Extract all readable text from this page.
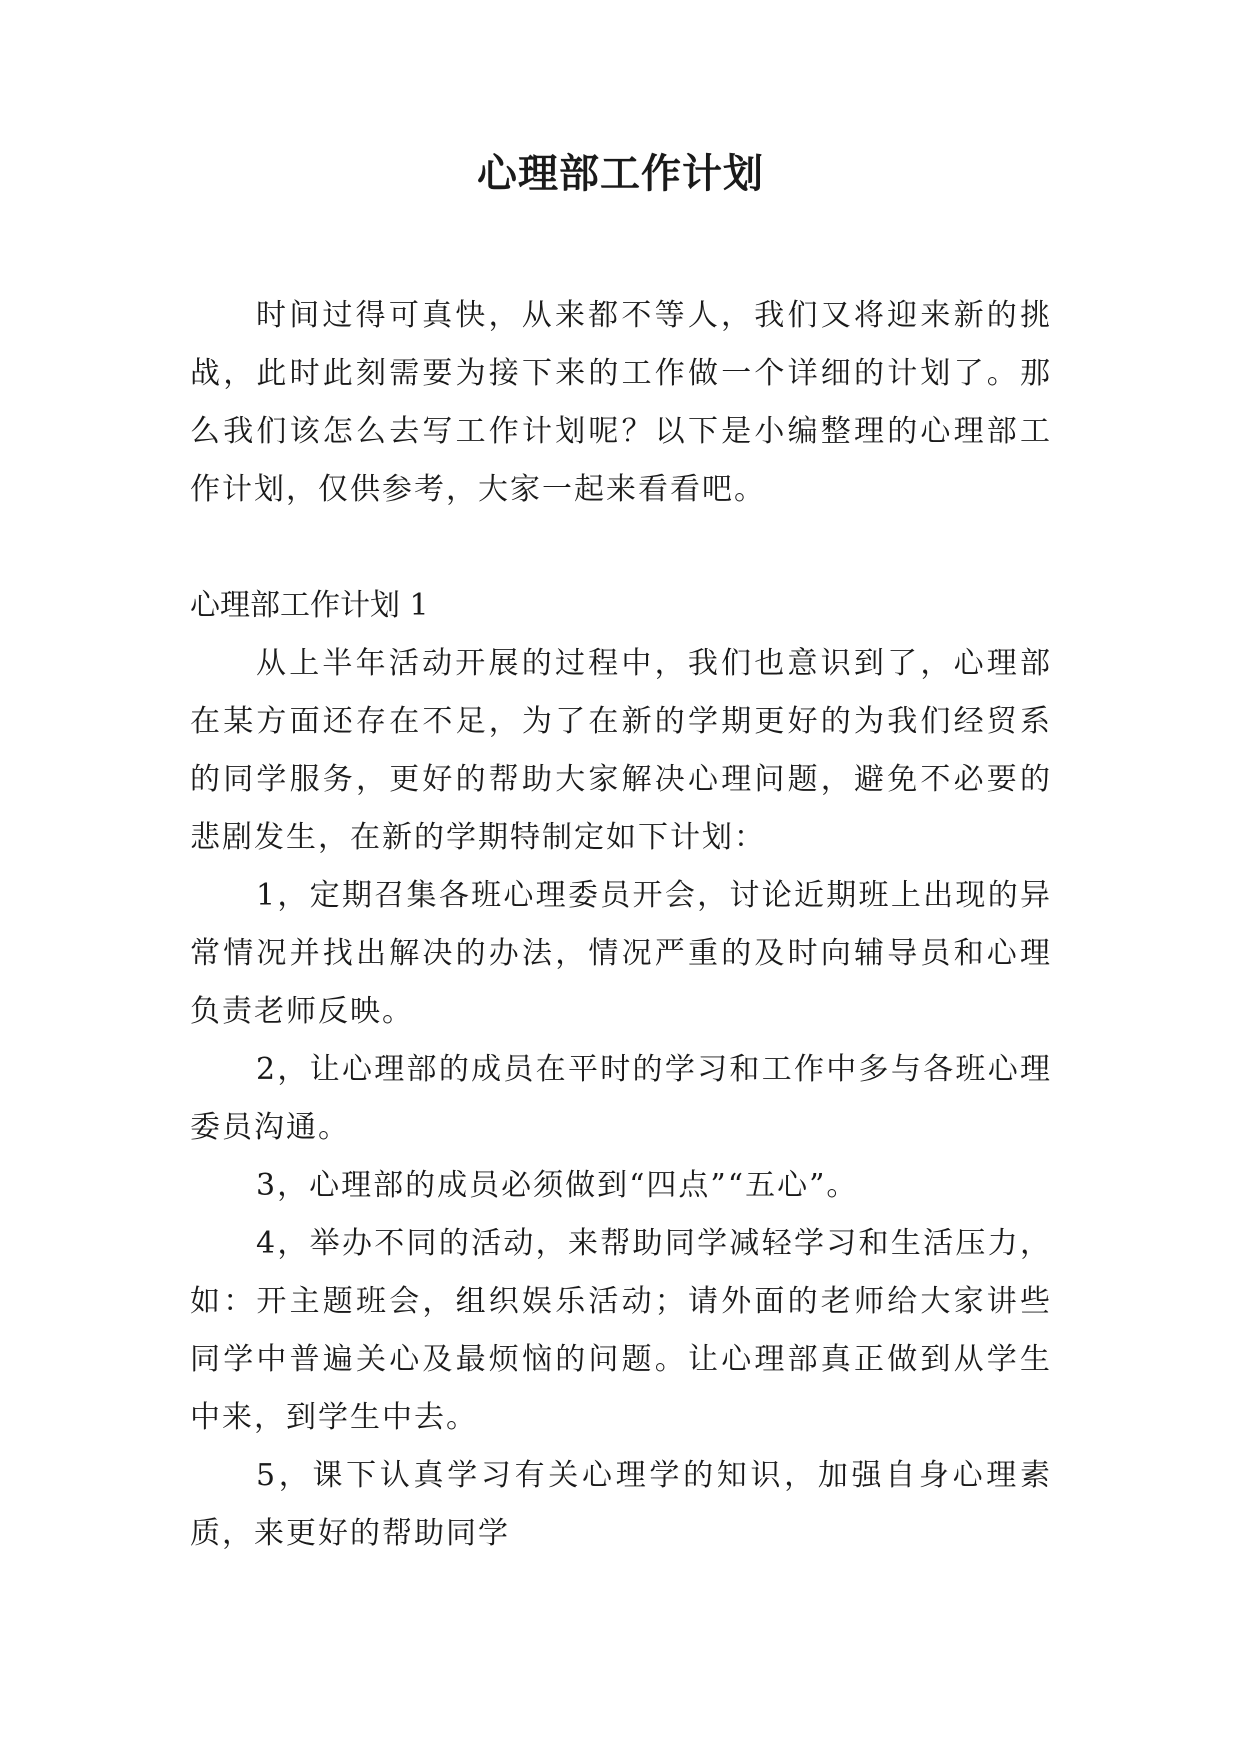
心理部工作计划

时间过得可真快，从来都不等人，我们又将迎来新的挑战，此时此刻需要为接下来的工作做一个详细的计划了。那么我们该怎么去写工作计划呢？以下是小编整理的心理部工作计划，仅供参考，大家一起来看看吧。

心理部工作计划 1

从上半年活动开展的过程中，我们也意识到了，心理部在某方面还存在不足，为了在新的学期更好的为我们经贸系的同学服务，更好的帮助大家解决心理问题，避免不必要的悲剧发生，在新的学期特制定如下计划：

1，定期召集各班心理委员开会，讨论近期班上出现的异常情况并找出解决的办法，情况严重的及时向辅导员和心理负责老师反映。

2，让心理部的成员在平时的学习和工作中多与各班心理委员沟通。

3，心理部的成员必须做到“四点”“五心”。

4，举办不同的活动，来帮助同学减轻学习和生活压力，如：开主题班会，组织娱乐活动；请外面的老师给大家讲些同学中普遍关心及最烦恼的问题。让心理部真正做到从学生中来，到学生中去。

5，课下认真学习有关心理学的知识，加强自身心理素质，来更好的帮助同学
